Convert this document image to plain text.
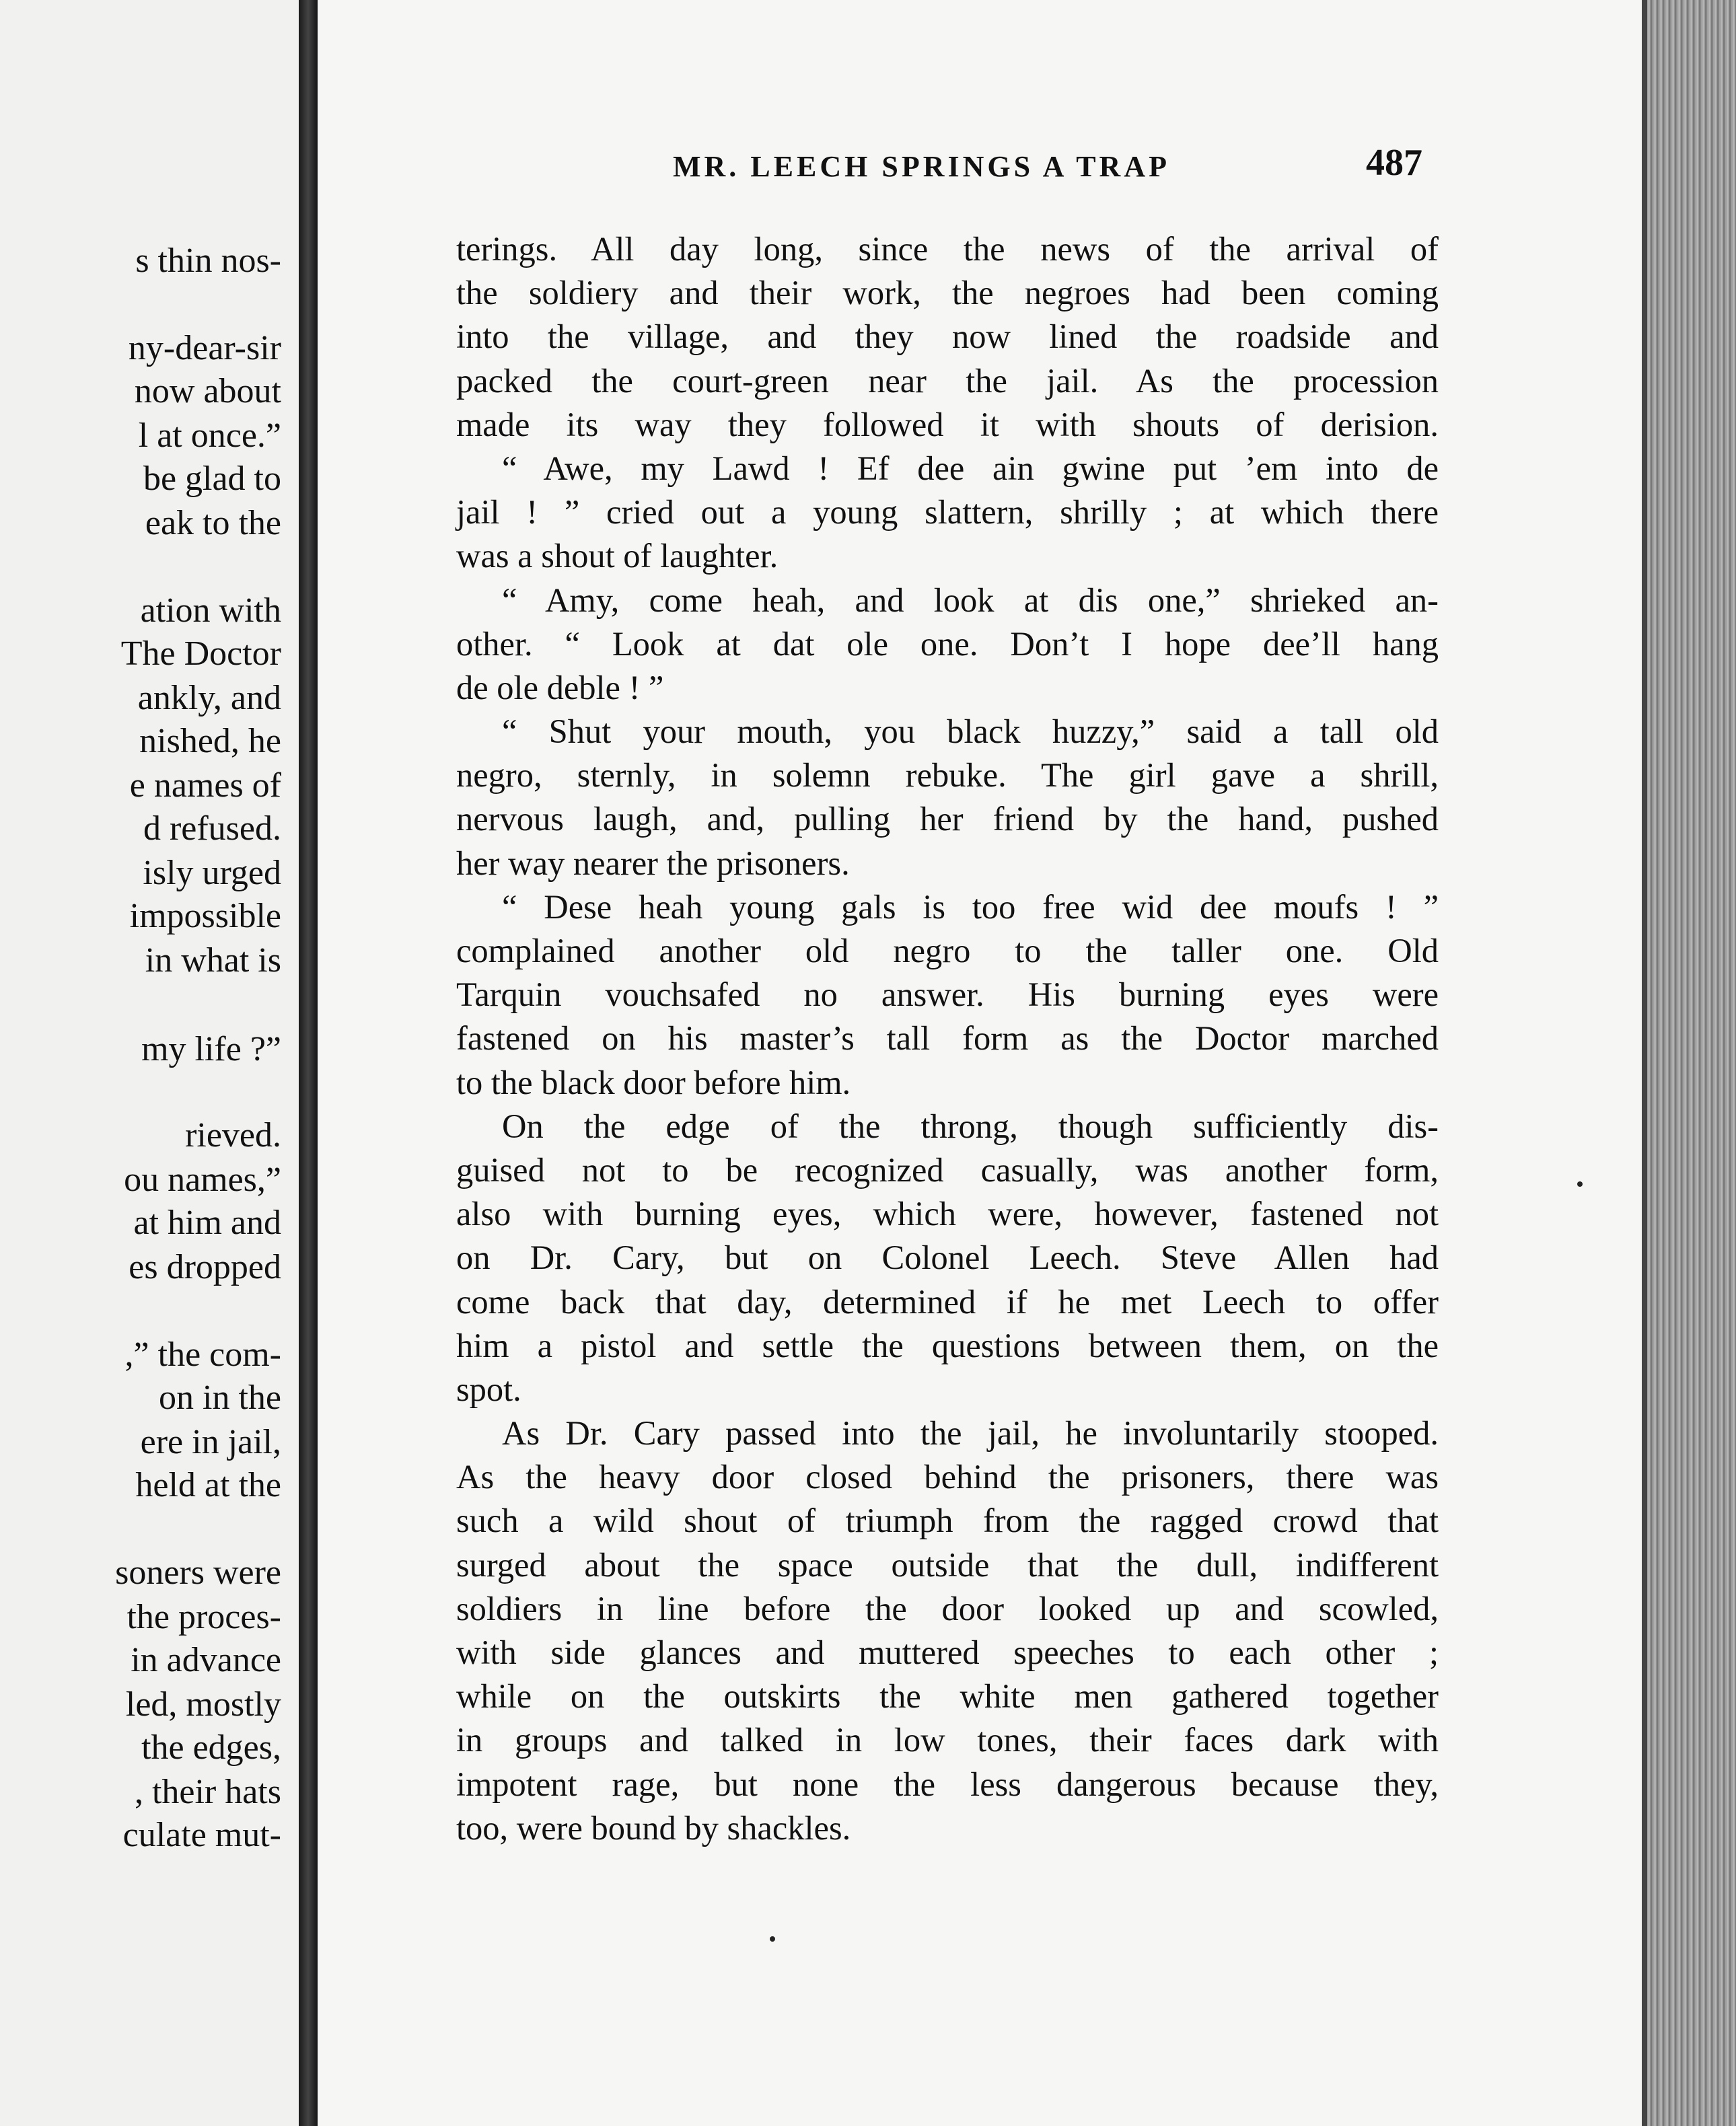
s thin nos-
ny-dear-sir
now about
l at once.”
be glad to
eak to the
ation with
The Doctor
ankly, and
nished, he
e names of
d refused.
isly urged
impossible
in what is
my life ?”
rieved.
ou names,”
at him and
es dropped
,” the com-
on in the
ere in jail,
held at the
soners were
the proces-
in advance
led, mostly
the edges,
, their hats
culate mut-
MR. LEECH SPRINGS A TRAP	487
terings. All day long, since the news of the arrival of
the soldiery and their work, the negroes had been coming
into the village, and they now lined the roadside and
packed the court-green near the jail. As the procession
made its way they followed it with shouts of derision.
“ Awe, my Lawd ! Ef dee ain gwine put ’em into de
jail ! ” cried out a young slattern, shrilly ; at which there
was a shout of laughter.
“ Amy, come heah, and look at dis one,” shrieked an-
other. “ Look at dat ole one. Don’t I hope dee’ll hang
de ole deble ! ”
“ Shut your mouth, you black huzzy,” said a tall old
negro, sternly, in solemn rebuke. The girl gave a shrill,
nervous laugh, and, pulling her friend by the hand, pushed
her way nearer the prisoners.
“ Dese heah young gals is too free wid dee moufs ! ”
complained another old negro to the taller one. Old
Tarquin vouchsafed no answer. His burning eyes were
fastened on his master’s tall form as the Doctor marched
to the black door before him.
On the edge of the throng, though sufficiently dis-
guised not to be recognized casually, was another form,
also with burning eyes, which were, however, fastened not
on Dr. Cary, but on Colonel Leech. Steve Allen had
come back that day, determined if he met Leech to offer
him a pistol and settle the questions between them, on the
spot.
As Dr. Cary passed into the jail, he involuntarily stooped.
As the heavy door closed behind the prisoners, there was
such a wild shout of triumph from the ragged crowd that
surged about the space outside that the dull, indifferent
soldiers in line before the door looked up and scowled,
with side glances and muttered speeches to each other ;
while on the outskirts the white men gathered together
in groups and talked in low tones, their faces dark with
impotent rage, but none the less dangerous because they,
too, were bound by shackles.
